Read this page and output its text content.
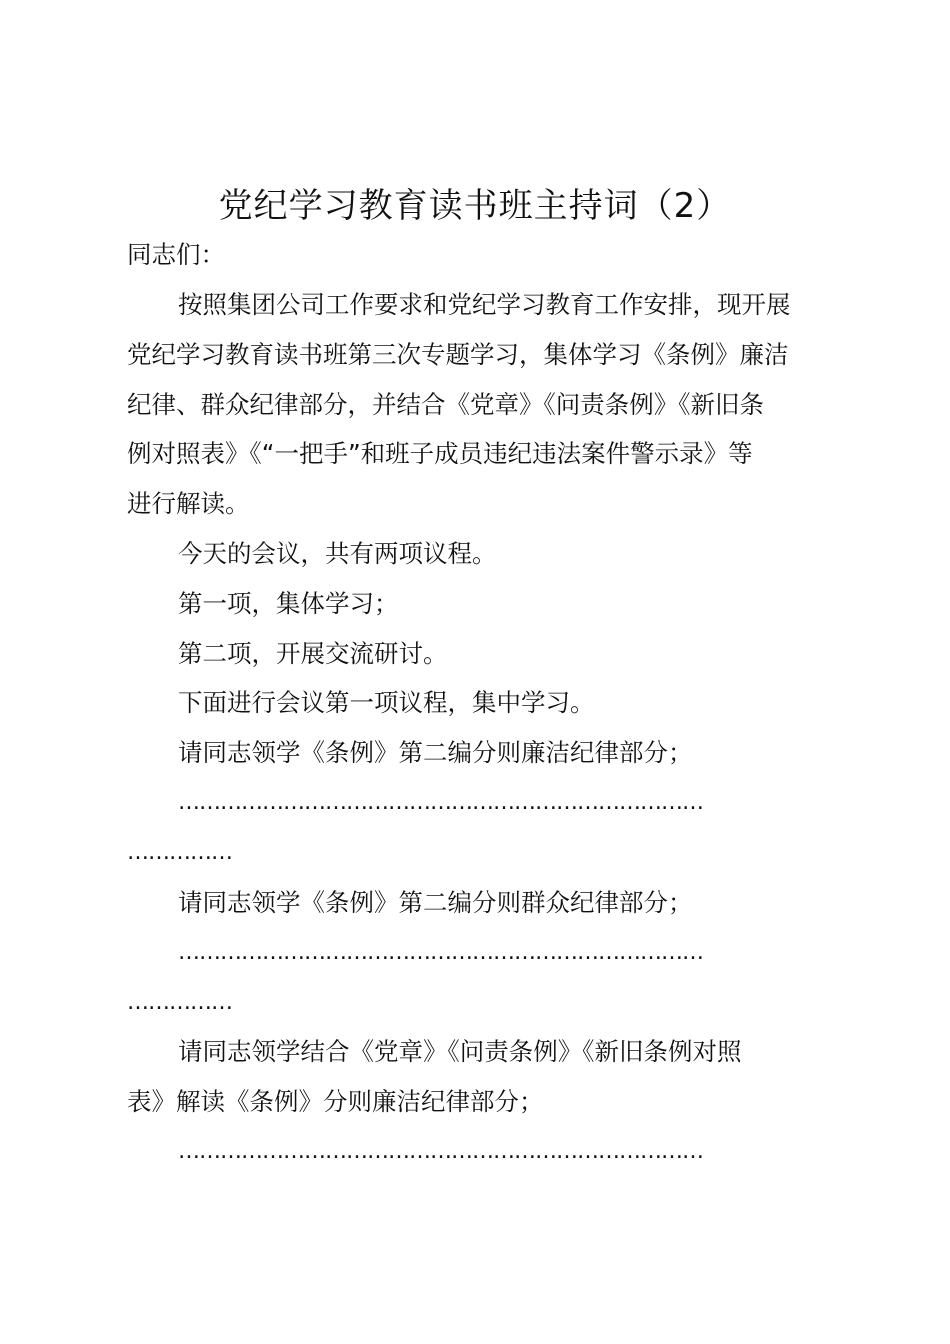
党纪学习教育读书班主持词（2）
同志们：
按照集团公司工作要求和党纪学习教育工作安排，现开展
党纪学习教育读书班第三次专题学习，集体学习《条例》廉洁
纪律、群众纪律部分，并结合《党章》《问责条例》《新旧条
例对照表》《“一把手”和班子成员违纪违法案件警示录》等
进行解读。
今天的会议，共有两项议程。
第一项，集体学习；
第二项，开展交流研讨。
下面进行会议第一项议程，集中学习。
请同志领学《条例》第二编分则廉洁纪律部分；
…………………………………………………………………
……………
请同志领学《条例》第二编分则群众纪律部分；
…………………………………………………………………
……………
请同志领学结合《党章》《问责条例》《新旧条例对照
表》解读《条例》分则廉洁纪律部分；
…………………………………………………………………
